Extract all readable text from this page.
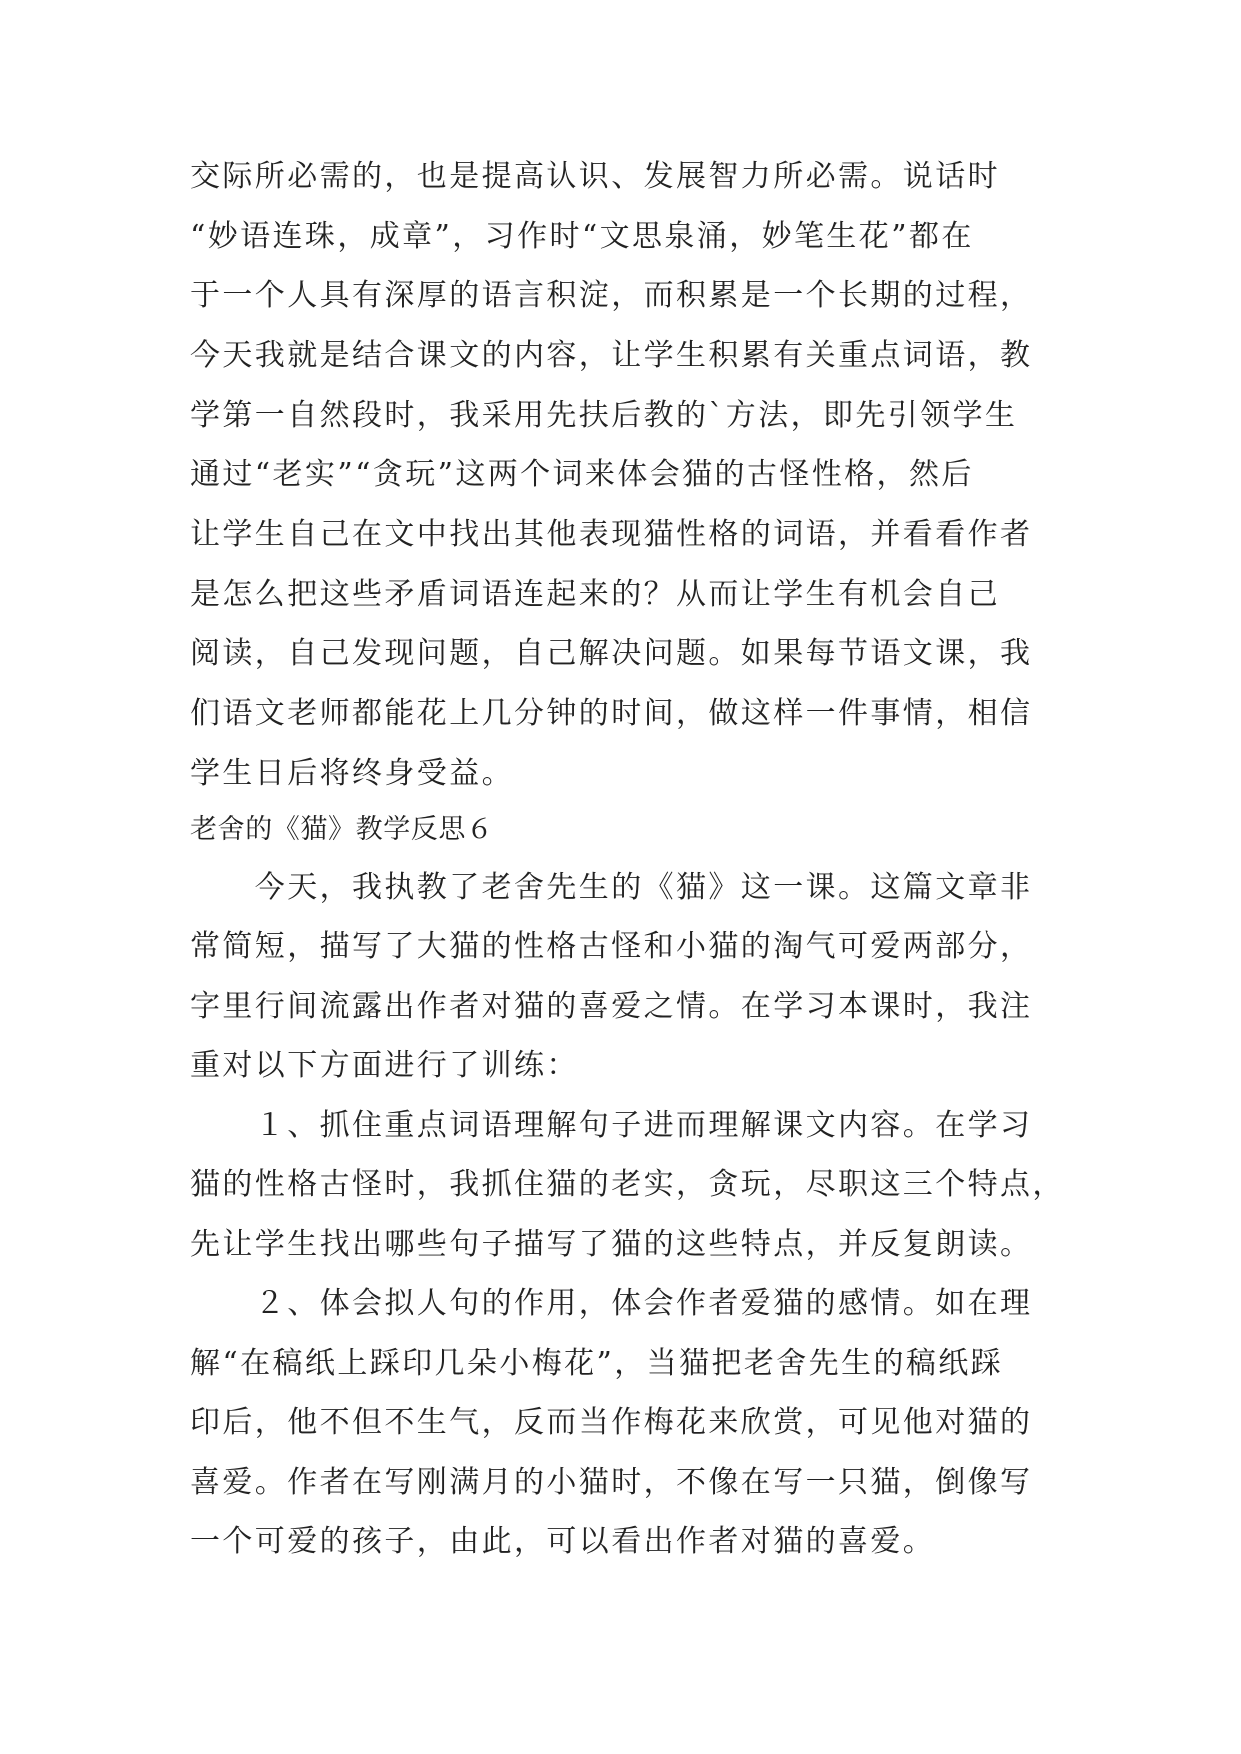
交际所必需的，也是提高认识、发展智力所必需。说话时
“妙语连珠，成章”，习作时“文思泉涌，妙笔生花”都在
于一个人具有深厚的语言积淀，而积累是一个长期的过程，
今天我就是结合课文的内容，让学生积累有关重点词语，教
学第一自然段时，我采用先扶后教的`方法，即先引领学生
通过“老实”“贪玩”这两个词来体会猫的古怪性格，然后
让学生自己在文中找出其他表现猫性格的词语，并看看作者
是怎么把这些矛盾词语连起来的？从而让学生有机会自己
阅读，自己发现问题，自己解决问题。如果每节语文课，我
们语文老师都能花上几分钟的时间，做这样一件事情，相信
学生日后将终身受益。
老舍的《猫》教学反思６
　　今天，我执教了老舍先生的《猫》这一课。这篇文章非
常简短，描写了大猫的性格古怪和小猫的淘气可爱两部分，
字里行间流露出作者对猫的喜爱之情。在学习本课时，我注
重对以下方面进行了训练：
　　１、抓住重点词语理解句子进而理解课文内容。在学习
猫的性格古怪时，我抓住猫的老实，贪玩，尽职这三个特点，
先让学生找出哪些句子描写了猫的这些特点，并反复朗读。
　　２、体会拟人句的作用，体会作者爱猫的感情。如在理
解“在稿纸上踩印几朵小梅花”，当猫把老舍先生的稿纸踩
印后，他不但不生气，反而当作梅花来欣赏，可见他对猫的
喜爱。作者在写刚满月的小猫时，不像在写一只猫，倒像写
一个可爱的孩子，由此，可以看出作者对猫的喜爱。
